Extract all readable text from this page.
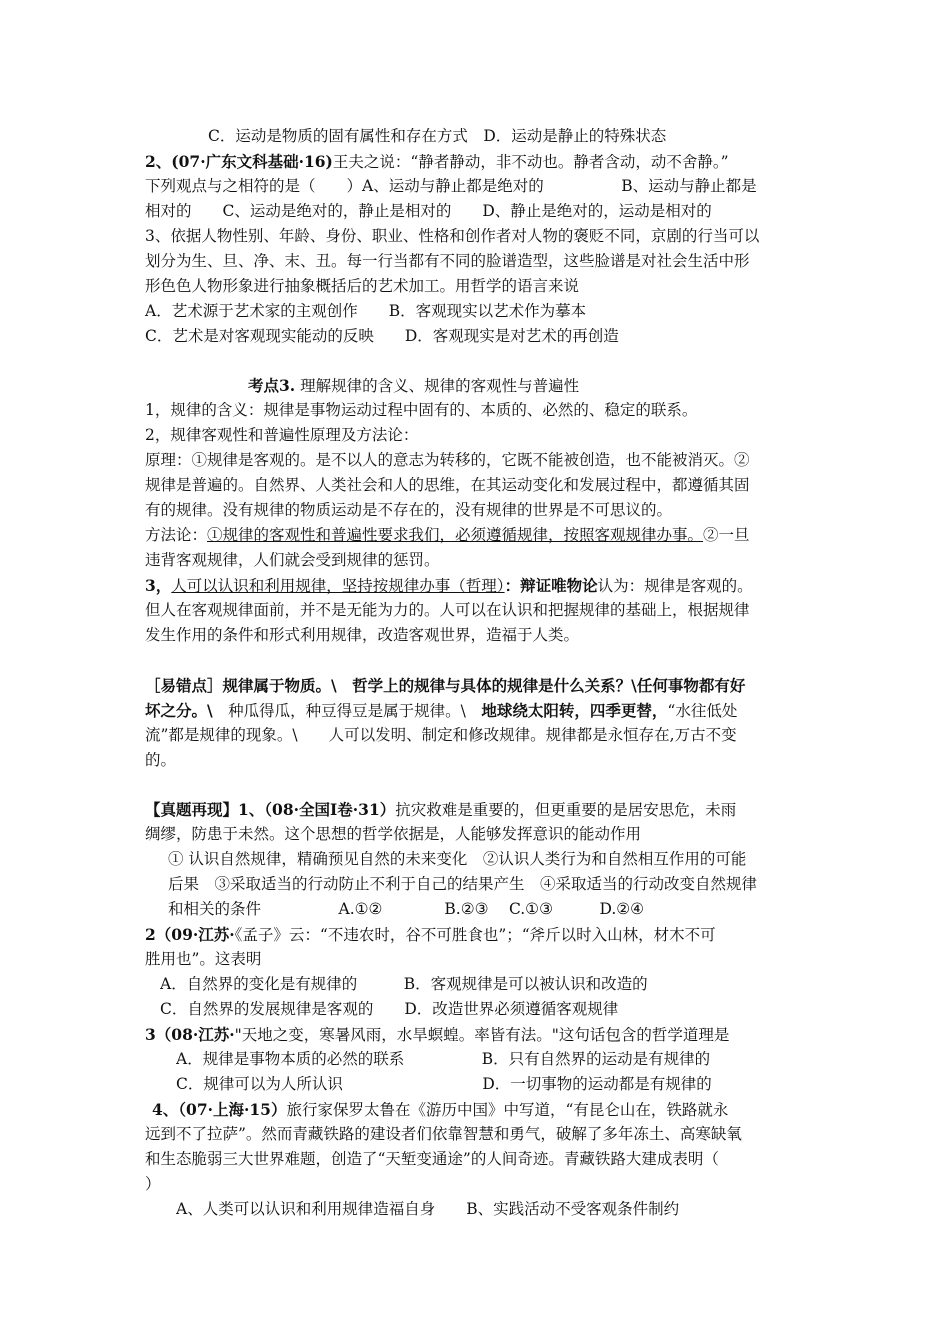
C．运动是物质的固有属性和存在方式　D．运动是静止的特殊状态
2、(07·广东文科基础·16)王夫之说：“静者静动，非不动也。静者含动，动不舍静。”
下列观点与之相符的是（　　）A、运动与静止都是绝对的　　　　　B、运动与静止都是
相对的　　C、运动是绝对的，静止是相对的　　D、静止是绝对的，运动是相对的
3、依据人物性别、年龄、身份、职业、性格和创作者对人物的褒贬不同，京剧的行当可以
划分为生、旦、净、末、丑。每一行当都有不同的脸谱造型，这些脸谱是对社会生活中形
形色色人物形象进行抽象概括后的艺术加工。用哲学的语言来说
A．艺术源于艺术家的主观创作　　B．客观现实以艺术作为摹本
C．艺术是对客观现实能动的反映　　D．客观现实是对艺术的再创造
考点3. 理解规律的含义、规律的客观性与普遍性
1，规律的含义：规律是事物运动过程中固有的、本质的、必然的、稳定的联系。
2，规律客观性和普遍性原理及方法论：
原理：①规律是客观的。是不以人的意志为转移的，它既不能被创造，也不能被消灭。②
规律是普遍的。自然界、人类社会和人的思维，在其运动变化和发展过程中，都遵循其固
有的规律。没有规律的物质运动是不存在的，没有规律的世界是不可思议的。
方法论：①规律的客观性和普遍性要求我们，必须遵循规律，按照客观规律办事。②一旦
违背客观规律，人们就会受到规律的惩罚。
3，人可以认识和利用规律，坚持按规律办事（哲理）：辩证唯物论认为：规律是客观的。
但人在客观规律面前，并不是无能为力的。人可以在认识和把握规律的基础上，根据规律
发生作用的条件和形式利用规律，改造客观世界，造福于人类。
［易错点］规律属于物质。\　哲学上的规律与具体的规律是什么关系？\任何事物都有好
坏之分。\　种瓜得瓜，种豆得豆是属于规律。\　地球绕太阳转，四季更替，“水往低处
流”都是规律的现象。\　　人可以发明、制定和修改规律。规律都是永恒存在,万古不变
的。
【真题再现】1、（08·全国I卷·31）抗灾救难是重要的，但更重要的是居安思危，未雨
绸缪，防患于未然。这个思想的哲学依据是，人能够发挥意识的能动作用
① 认识自然规律，精确预见自然的未来变化　②认识人类行为和自然相互作用的可能
后果　③采取适当的行动防止不利于自己的结果产生　④采取适当的行动改变自然规律
和相关的条件　　　　　A.①②　　　　B.②③　 C.①③　　　D.②④
2（09·江苏·《孟子》云：“不违农时，谷不可胜食也”；“斧斤以时入山林，材木不可
胜用也”。这表明
A．自然界的变化是有规律的　　　B．客观规律是可以被认识和改造的
C．自然界的发展规律是客观的　　D．改造世界必须遵循客观规律
3（08·江苏·"天地之变，寒暑风雨，水旱螟蝗。率皆有法。"这句话包含的哲学道理是
A．规律是事物本质的必然的联系　　　　　B．只有自然界的运动是有规律的
C．规律可以为人所认识　　　　　　　　　D．一切事物的运动都是有规律的
4、（07·上海·15）旅行家保罗太鲁在《游历中国》中写道，“有昆仑山在，铁路就永
远到不了拉萨”。然而青藏铁路的建设者们依靠智慧和勇气，破解了多年冻土、高寒缺氧
和生态脆弱三大世界难题，创造了“天堑变通途”的人间奇迹。青藏铁路大建成表明（
）
A、人类可以认识和利用规律造福自身　　B、实践活动不受客观条件制约
